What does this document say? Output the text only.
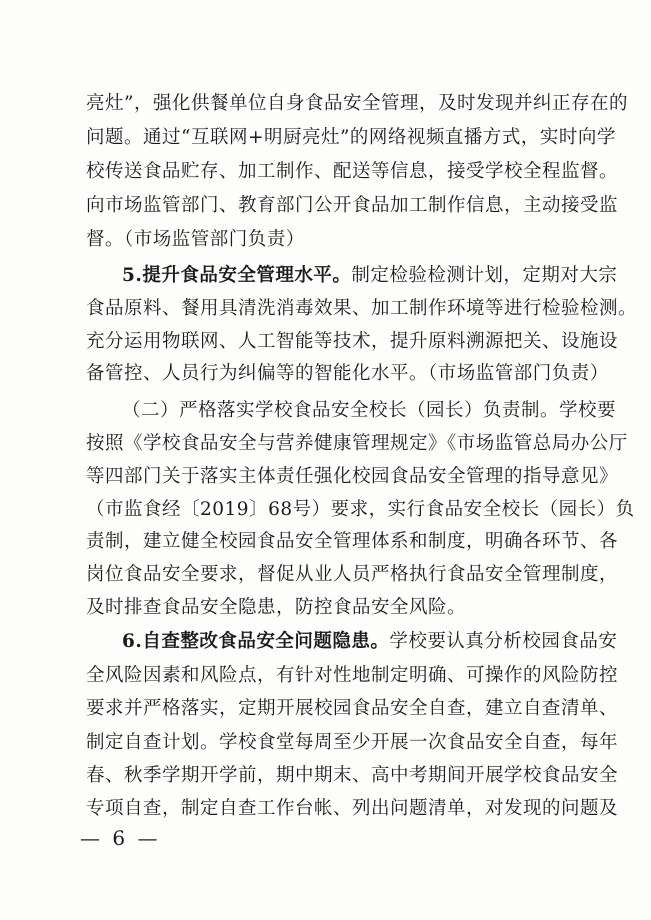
亮灶”，强化供餐单位自身食品安全管理，及时发现并纠正存在的
问题。通过“互联网+明厨亮灶”的网络视频直播方式，实时向学
校传送食品贮存、加工制作、配送等信息，接受学校全程监督。
向市场监管部门、教育部门公开食品加工制作信息，主动接受监
督。（市场监管部门负责）
5.提升食品安全管理水平。制定检验检测计划，定期对大宗
食品原料、餐用具清洗消毒效果、加工制作环境等进行检验检测。
充分运用物联网、人工智能等技术，提升原料溯源把关、设施设
备管控、人员行为纠偏等的智能化水平。（市场监管部门负责）
（二）严格落实学校食品安全校长（园长）负责制。学校要
按照《学校食品安全与营养健康管理规定》《市场监管总局办公厅
等四部门关于落实主体责任强化校园食品安全管理的指导意见》
（市监食经〔2019〕68号）要求，实行食品安全校长（园长）负
责制，建立健全校园食品安全管理体系和制度，明确各环节、各
岗位食品安全要求，督促从业人员严格执行食品安全管理制度，
及时排查食品安全隐患，防控食品安全风险。
6.自查整改食品安全问题隐患。学校要认真分析校园食品安
全风险因素和风险点，有针对性地制定明确、可操作的风险防控
要求并严格落实，定期开展校园食品安全自查，建立自查清单、
制定自查计划。学校食堂每周至少开展一次食品安全自查，每年
春、秋季学期开学前，期中期末、高中考期间开展学校食品安全
专项自查，制定自查工作台帐、列出问题清单，对发现的问题及
— 6 —
